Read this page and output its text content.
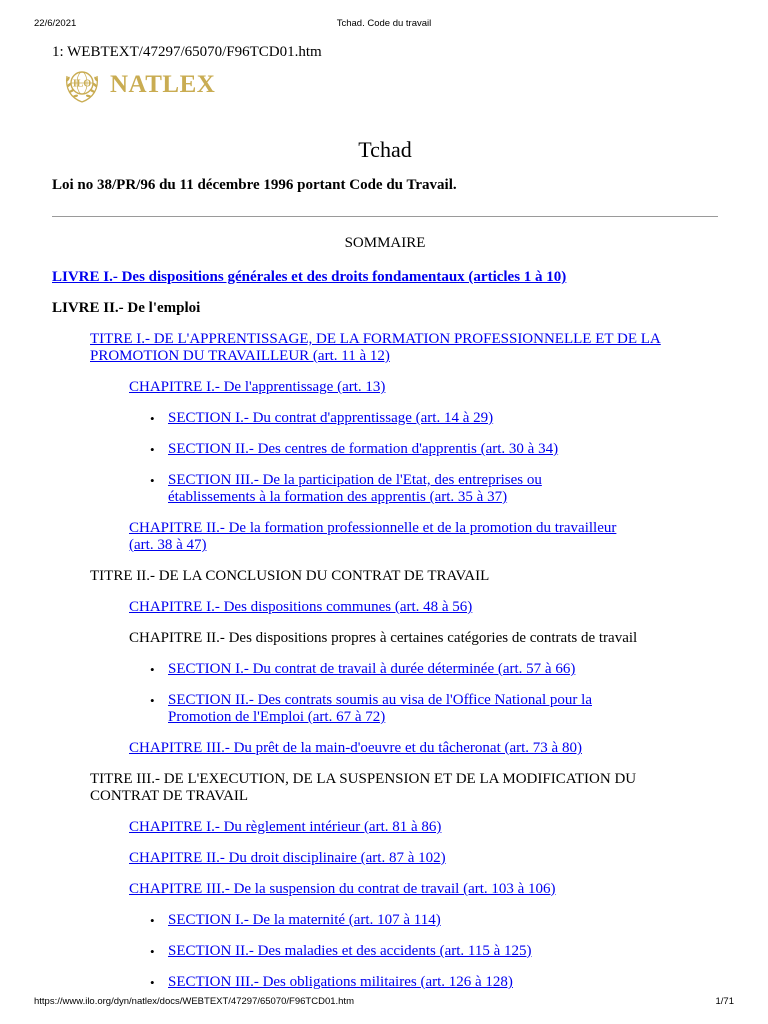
22/6/2021	Tchad. Code du travail
1: WEBTEXT/47297/65070/F96TCD01.htm
ILO NATLEX
Tchad

Loi no 38/PR/96 du 11 décembre 1996 portant Code du Travail.

SOMMAIRE

LIVRE I.- Des dispositions générales et des droits fondamentaux (articles 1 à 10)
LIVRE II.- De l'emploi
TITRE I.- DE L'APPRENTISSAGE, DE LA FORMATION PROFESSIONNELLE ET DE LA PROMOTION DU TRAVAILLEUR (art. 11 à 12)
CHAPITRE I.- De l'apprentissage (art. 13)
• SECTION I.- Du contrat d'apprentissage (art. 14 à 29)
• SECTION II.- Des centres de formation d'apprentis (art. 30 à 34)
• SECTION III.- De la participation de l'Etat, des entreprises ou établissements à la formation des apprentis (art. 35 à 37)
CHAPITRE II.- De la formation professionnelle et de la promotion du travailleur (art. 38 à 47)
TITRE II.- DE LA CONCLUSION DU CONTRAT DE TRAVAIL
CHAPITRE I.- Des dispositions communes (art. 48 à 56)
CHAPITRE II.- Des dispositions propres à certaines catégories de contrats de travail
• SECTION I.- Du contrat de travail à durée déterminée (art. 57 à 66)
• SECTION II.- Des contrats soumis au visa de l'Office National pour la Promotion de l'Emploi (art. 67 à 72)
CHAPITRE III.- Du prêt de la main-d'oeuvre et du tâcheronat (art. 73 à 80)
TITRE III.- DE L'EXECUTION, DE LA SUSPENSION ET DE LA MODIFICATION DU CONTRAT DE TRAVAIL
CHAPITRE I.- Du règlement intérieur (art. 81 à 86)
CHAPITRE II.- Du droit disciplinaire (art. 87 à 102)
CHAPITRE III.- De la suspension du contrat de travail (art. 103 à 106)
• SECTION I.- De la maternité (art. 107 à 114)
• SECTION II.- Des maladies et des accidents (art. 115 à 125)
• SECTION III.- Des obligations militaires (art. 126 à 128)
https://www.ilo.org/dyn/natlex/docs/WEBTEXT/47297/65070/F96TCD01.htm	1/71
